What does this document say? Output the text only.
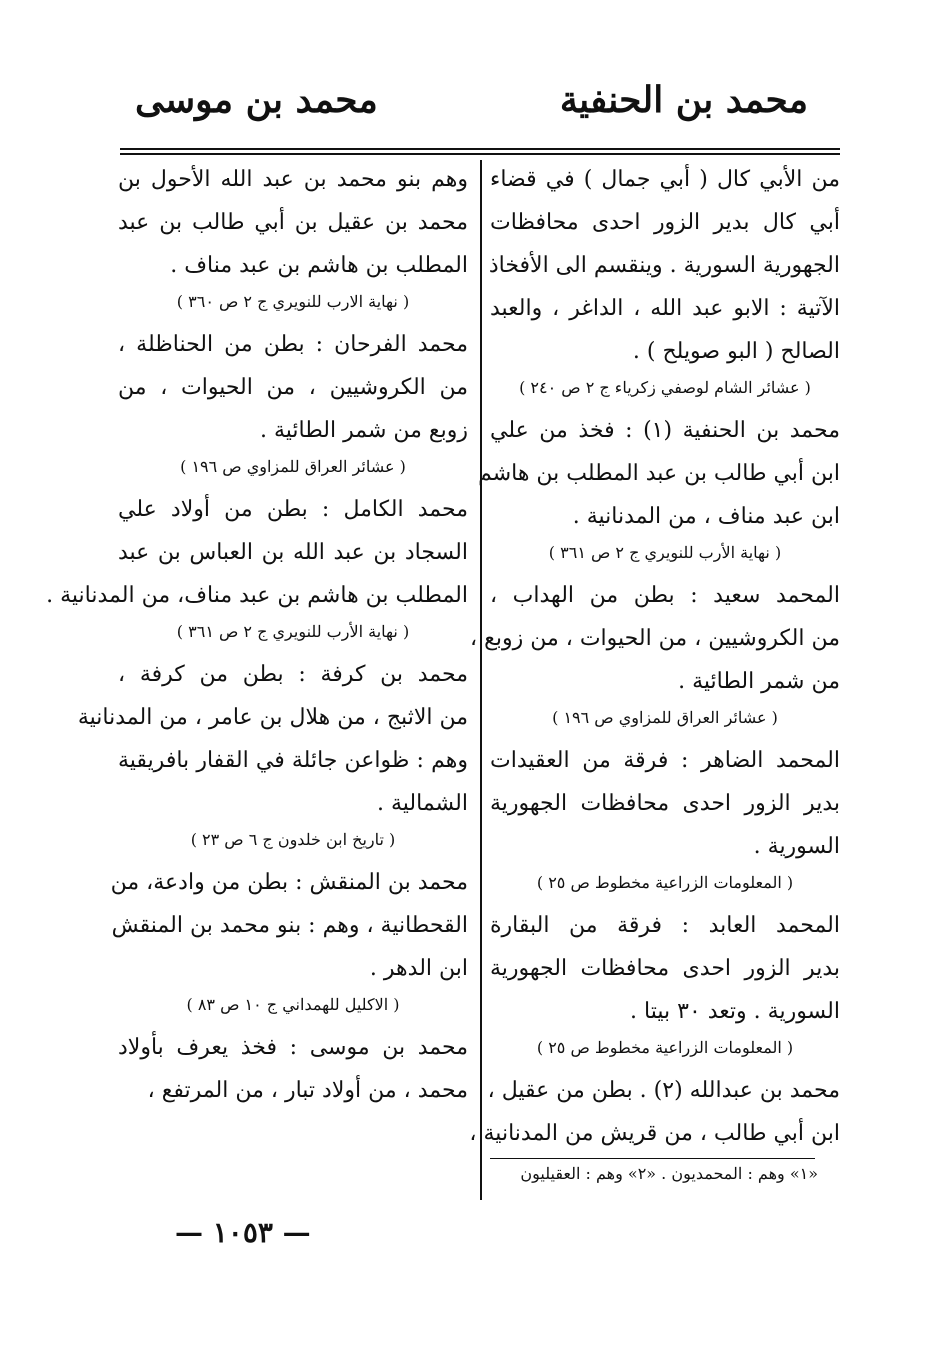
محمد بن الحنفية
محمد بن موسى
من الأبي كال ( أبي جمال ) في قضاء
أبي كال بدير الزور احدى محافظات
الجهورية السورية . وينقسم الى الأفخاذ
الآتية : الابو عبد الله ، الداغر ، والعبد
الصالح ( البو صويلح ) .
( عشائر الشام لوصفي زكرياء ج ٢ ص ٢٤٠ )
محمد بن الحنفية (١) : فخذ من علي
ابن أبي طالب بن عبد المطلب بن هاشم
ابن عبد مناف ، من المدنانية .
( نهاية الأرب للنويري ج ٢ ص ٣٦١ )
المحمد سعيد : بطن من الهداب ،
من الكروشيين ، من الحيوات ، من زوبع ،
من شمر الطائية .
( عشائر العراق للمزاوي ص ١٩٦ )
المحمد الضاهر : فرقة من العقيدات
بدير الزور احدى محافظات الجهورية
السورية .
( المعلومات الزراعية مخطوط ص ٢٥ )
المحمد العابد : فرقة من البقارة
بدير الزور احدى محافظات الجهورية
السورية . وتعد ٣٠ بيتا .
( المعلومات الزراعية مخطوط ص ٢٥ )
محمد بن عبدالله (٢) . بطن من عقيل ،
ابن أبي طالب ، من قريش من المدنانية ،
وهم بنو محمد بن عبد الله الأحول بن
محمد بن عقيل بن أبي طالب بن عبد
المطلب بن هاشم بن عبد مناف .
( نهاية الارب للنويري ج ٢ ص ٣٦٠ )
محمد الفرحان : بطن من الحناظلة ،
من الكروشيين ، من الحيوات ، من
زوبع من شمر الطائية .
( عشائر العراق للمزاوي ص ١٩٦ )
محمد الكامل : بطن من أولاد علي
السجاد بن عبد الله بن العباس بن عبد
المطلب بن هاشم بن عبد مناف، من المدنانية .
( نهاية الأرب للنويري ج ٢ ص ٣٦١ )
محمد بن كرفة : بطن من كرفة ،
من الاثبج ، من هلال بن عامر ، من المدنانية
وهم : ظواعن جائلة في القفار بافريقية
الشمالية .
( تاريخ ابن خلدون ج ٦ ص ٢٣ )
محمد بن المنقش : بطن من وادعة، من
القحطانية ، وهم : بنو محمد بن المنقش
ابن الدهر .
( الاكليل للهمداني ج ١٠ ص ٨٣ )
محمد بن موسى : فخذ يعرف بأولاد
محمد ، من أولاد تبار ، من المرتفع ،
«١» وهم : المحمديون . «٢» وهم : العقيليون
— ١٠٥٣ —
